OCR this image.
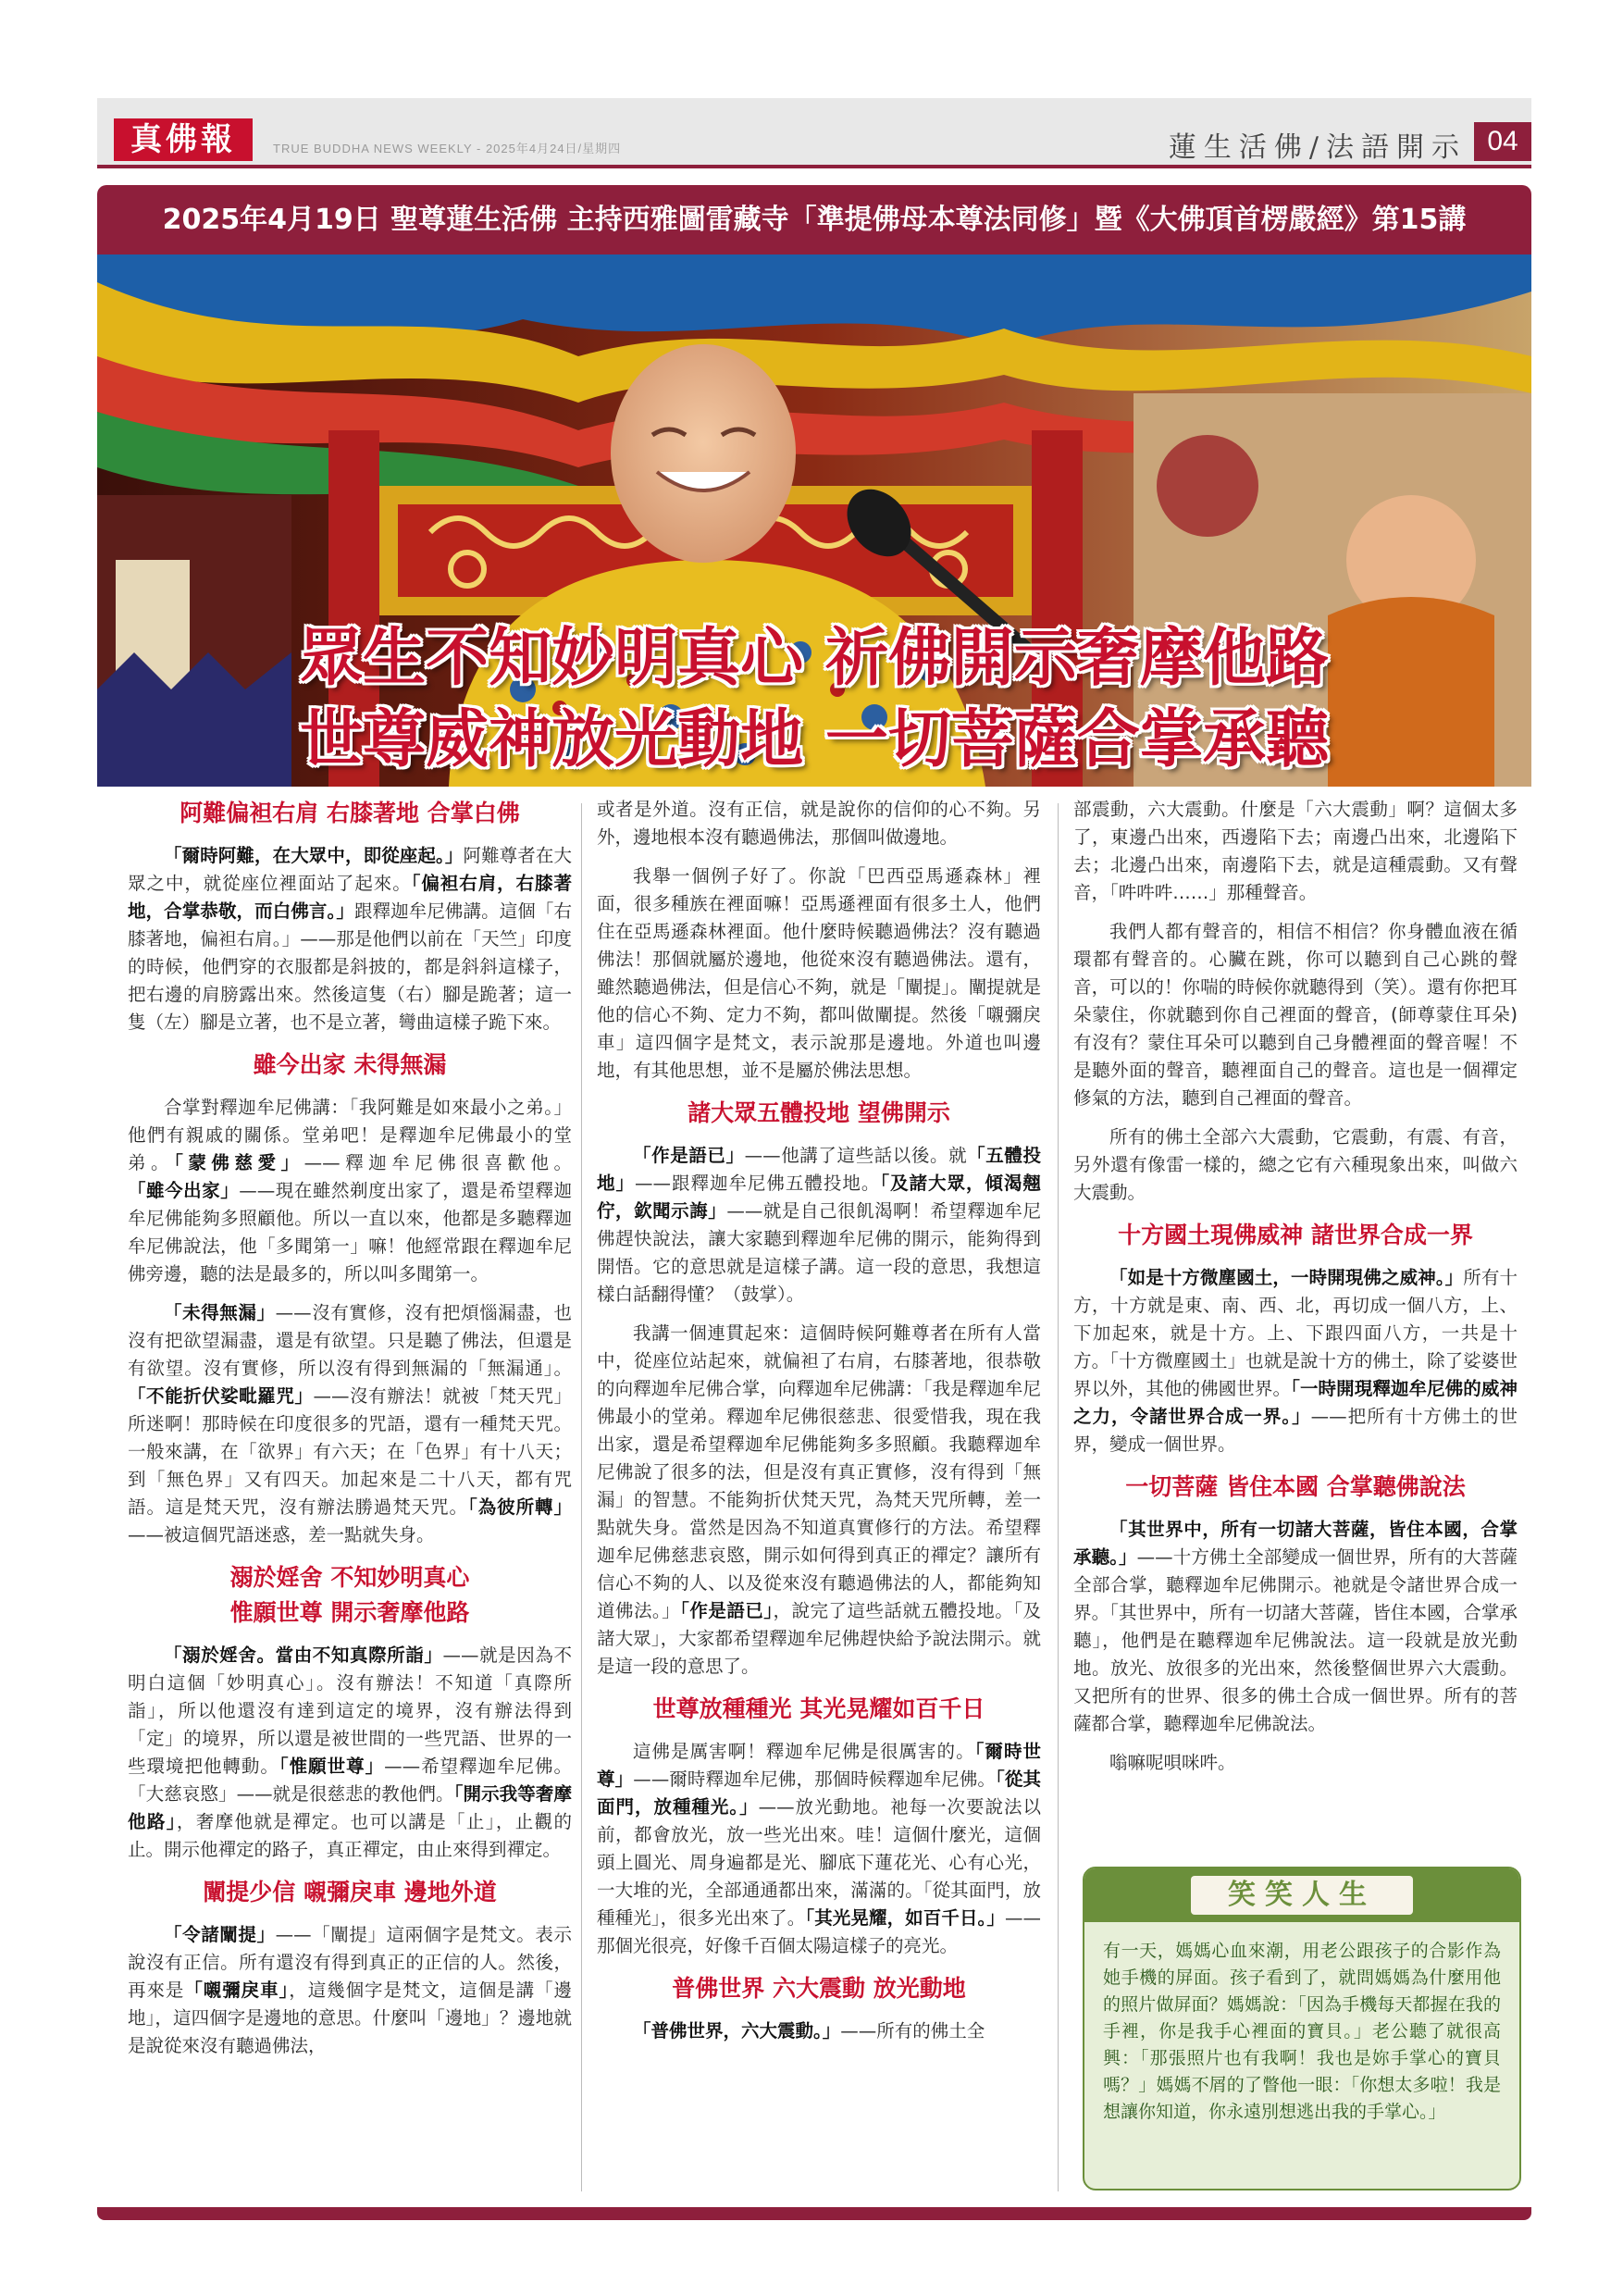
真佛報	TRUE BUDDHA NEWS WEEKLY - 2025年4月24日/星期四	蓮生活佛/法語開示 04
2025年4月19日 聖尊蓮生活佛 主持西雅圖雷藏寺「準提佛母本尊法同修」暨《大佛頂首楞嚴經》第15講
眾生不知妙明真心 祈佛開示奢摩他路
世尊威神放光動地 一切菩薩合掌承聽
阿難偏袒右肩 右膝著地 合掌白佛

「爾時阿難，在大眾中，即從座起。」阿難尊者在大眾之中，就從座位裡面站了起來。「偏袒右肩，右膝著地，合掌恭敬，而白佛言。」跟釋迦牟尼佛講。這個「右膝著地，偏袒右肩。」——那是他們以前在「天竺」印度的時候，他們穿的衣服都是斜披的，都是斜斜這樣子，把右邊的肩膀露出來。然後這隻（右）腳是跪著；這一隻（左）腳是立著，也不是立著，彎曲這樣子跪下來。

雖今出家 未得無漏

合掌對釋迦牟尼佛講：「我阿難是如來最小之弟。」他們有親戚的關係。堂弟吧！是釋迦牟尼佛最小的堂弟。「蒙佛慈愛」——釋迦牟尼佛很喜歡他。「雖今出家」——現在雖然剃度出家了，還是希望釋迦牟尼佛能夠多照顧他。所以一直以來，他都是多聽釋迦牟尼佛說法，他「多聞第一」嘛！他經常跟在釋迦牟尼佛旁邊，聽的法是最多的，所以叫多聞第一。

「未得無漏」——沒有實修，沒有把煩惱漏盡，也沒有把欲望漏盡，還是有欲望。只是聽了佛法，但還是有欲望。沒有實修，所以沒有得到無漏的「無漏通」。「不能折伏娑毗羅咒」——沒有辦法！就被「梵天咒」所迷啊！那時候在印度很多的咒語，還有一種梵天咒。一般來講，在「欲界」有六天；在「色界」有十八天；到「無色界」又有四天。加起來是二十八天，都有咒語。這是梵天咒，沒有辦法勝過梵天咒。「為彼所轉」——被這個咒語迷惑，差一點就失身。

溺於婬舍 不知妙明真心
惟願世尊 開示奢摩他路

「溺於婬舍。當由不知真際所詣」——就是因為不明白這個「妙明真心」。沒有辦法！不知道「真際所詣」，所以他還沒有達到這定的境界，沒有辦法得到「定」的境界，所以還是被世間的一些咒語、世界的一些環境把他轉動。「惟願世尊」——希望釋迦牟尼佛。「大慈哀愍」——就是很慈悲的教他們。「開示我等奢摩他路」，奢摩他就是禪定。也可以講是「止」，止觀的止。開示他禪定的路子，真正禪定，由止來得到禪定。

闡提少信 嚫彌戾車 邊地外道

「令諸闡提」——「闡提」這兩個字是梵文。表示說沒有正信。所有還沒有得到真正的正信的人。然後，再來是「嚫彌戾車」，這幾個字是梵文，這個是講「邊地」，這四個字是邊地的意思。什麼叫「邊地」？邊地就是說從來沒有聽過佛法，

或者是外道。沒有正信，就是說你的信仰的心不夠。另外，邊地根本沒有聽過佛法，那個叫做邊地。

我舉一個例子好了。你說「巴西亞馬遜森林」裡面，很多種族在裡面嘛！亞馬遜裡面有很多土人，他們住在亞馬遜森林裡面。他什麼時候聽過佛法？沒有聽過佛法！那個就屬於邊地，他從來沒有聽過佛法。還有，雖然聽過佛法，但是信心不夠，就是「闡提」。闡提就是他的信心不夠、定力不夠，都叫做闡提。然後「嚫彌戾車」這四個字是梵文，表示說那是邊地。外道也叫邊地，有其他思想，並不是屬於佛法思想。

諸大眾五體投地 望佛開示

「作是語已」——他講了這些話以後。就「五體投地」——跟釋迦牟尼佛五體投地。「及諸大眾，傾渴翹佇，欽聞示誨」——就是自己很飢渴啊！希望釋迦牟尼佛趕快說法，讓大家聽到釋迦牟尼佛的開示，能夠得到開悟。它的意思就是這樣子講。這一段的意思，我想這樣白話翻得懂？（鼓掌）。

我講一個連貫起來：這個時候阿難尊者在所有人當中，從座位站起來，就偏袒了右肩，右膝著地，很恭敬的向釋迦牟尼佛合掌，向釋迦牟尼佛講：「我是釋迦牟尼佛最小的堂弟。釋迦牟尼佛很慈悲、很愛惜我，現在我出家，還是希望釋迦牟尼佛能夠多多照顧。我聽釋迦牟尼佛說了很多的法，但是沒有真正實修，沒有得到「無漏」的智慧。不能夠折伏梵天咒，為梵天咒所轉，差一點就失身。當然是因為不知道真實修行的方法。希望釋迦牟尼佛慈悲哀愍，開示如何得到真正的禪定？讓所有信心不夠的人、以及從來沒有聽過佛法的人，都能夠知道佛法。」「作是語已」，說完了這些話就五體投地。「及諸大眾」，大家都希望釋迦牟尼佛趕快給予說法開示。就是這一段的意思了。

世尊放種種光 其光晃耀如百千日

這佛是厲害啊！釋迦牟尼佛是很厲害的。「爾時世尊」——爾時釋迦牟尼佛，那個時候釋迦牟尼佛。「從其面門，放種種光。」——放光動地。祂每一次要說法以前，都會放光，放一些光出來。哇！這個什麼光，這個頭上圓光、周身遍都是光、腳底下蓮花光、心有心光，一大堆的光，全部通通都出來，滿滿的。「從其面門，放種種光」，很多光出來了。「其光晃耀，如百千日。」——那個光很亮，好像千百個太陽這樣子的亮光。

普佛世界 六大震動 放光動地

「普佛世界，六大震動。」——所有的佛土全

部震動，六大震動。什麼是「六大震動」啊？這個太多了，東邊凸出來，西邊陷下去；南邊凸出來，北邊陷下去；北邊凸出來，南邊陷下去，就是這種震動。又有聲音，「吽吽吽……」那種聲音。

我們人都有聲音的，相信不相信？你身體血液在循環都有聲音的。心臟在跳，你可以聽到自己心跳的聲音，可以的！你喘的時候你就聽得到（笑）。還有你把耳朵蒙住，你就聽到你自己裡面的聲音，(師尊蒙住耳朵)有沒有？蒙住耳朵可以聽到自己身體裡面的聲音喔！不是聽外面的聲音，聽裡面自己的聲音。這也是一個禪定修氣的方法，聽到自己裡面的聲音。

所有的佛土全部六大震動，它震動，有震、有音，另外還有像雷一樣的，總之它有六種現象出來，叫做六大震動。

十方國土現佛威神 諸世界合成一界

「如是十方微塵國土，一時開現佛之威神。」所有十方，十方就是東、南、西、北，再切成一個八方，上、下加起來，就是十方。上、下跟四面八方，一共是十方。「十方微塵國土」也就是說十方的佛土，除了娑婆世界以外，其他的佛國世界。「一時開現釋迦牟尼佛的威神之力，令諸世界合成一界。」——把所有十方佛土的世界，變成一個世界。

一切菩薩 皆住本國 合掌聽佛說法

「其世界中，所有一切諸大菩薩，皆住本國，合掌承聽。」——十方佛土全部變成一個世界，所有的大菩薩全部合掌，聽釋迦牟尼佛開示。祂就是令諸世界合成一界。「其世界中，所有一切諸大菩薩，皆住本國，合掌承聽」，他們是在聽釋迦牟尼佛說法。這一段就是放光動地。放光、放很多的光出來，然後整個世界六大震動。又把所有的世界、很多的佛土合成一個世界。所有的菩薩都合掌，聽釋迦牟尼佛說法。

嗡嘛呢唄咪吽。

笑笑人生
有一天，媽媽心血來潮，用老公跟孩子的合影作為她手機的屏面。孩子看到了，就問媽媽為什麼用他的照片做屏面？媽媽說：「因為手機每天都握在我的手裡，你是我手心裡面的寶貝。」老公聽了就很高興：「那張照片也有我啊！我也是妳手掌心的寶貝嗎？」媽媽不屑的了瞥他一眼：「你想太多啦！我是想讓你知道，你永遠別想逃出我的手掌心。」
